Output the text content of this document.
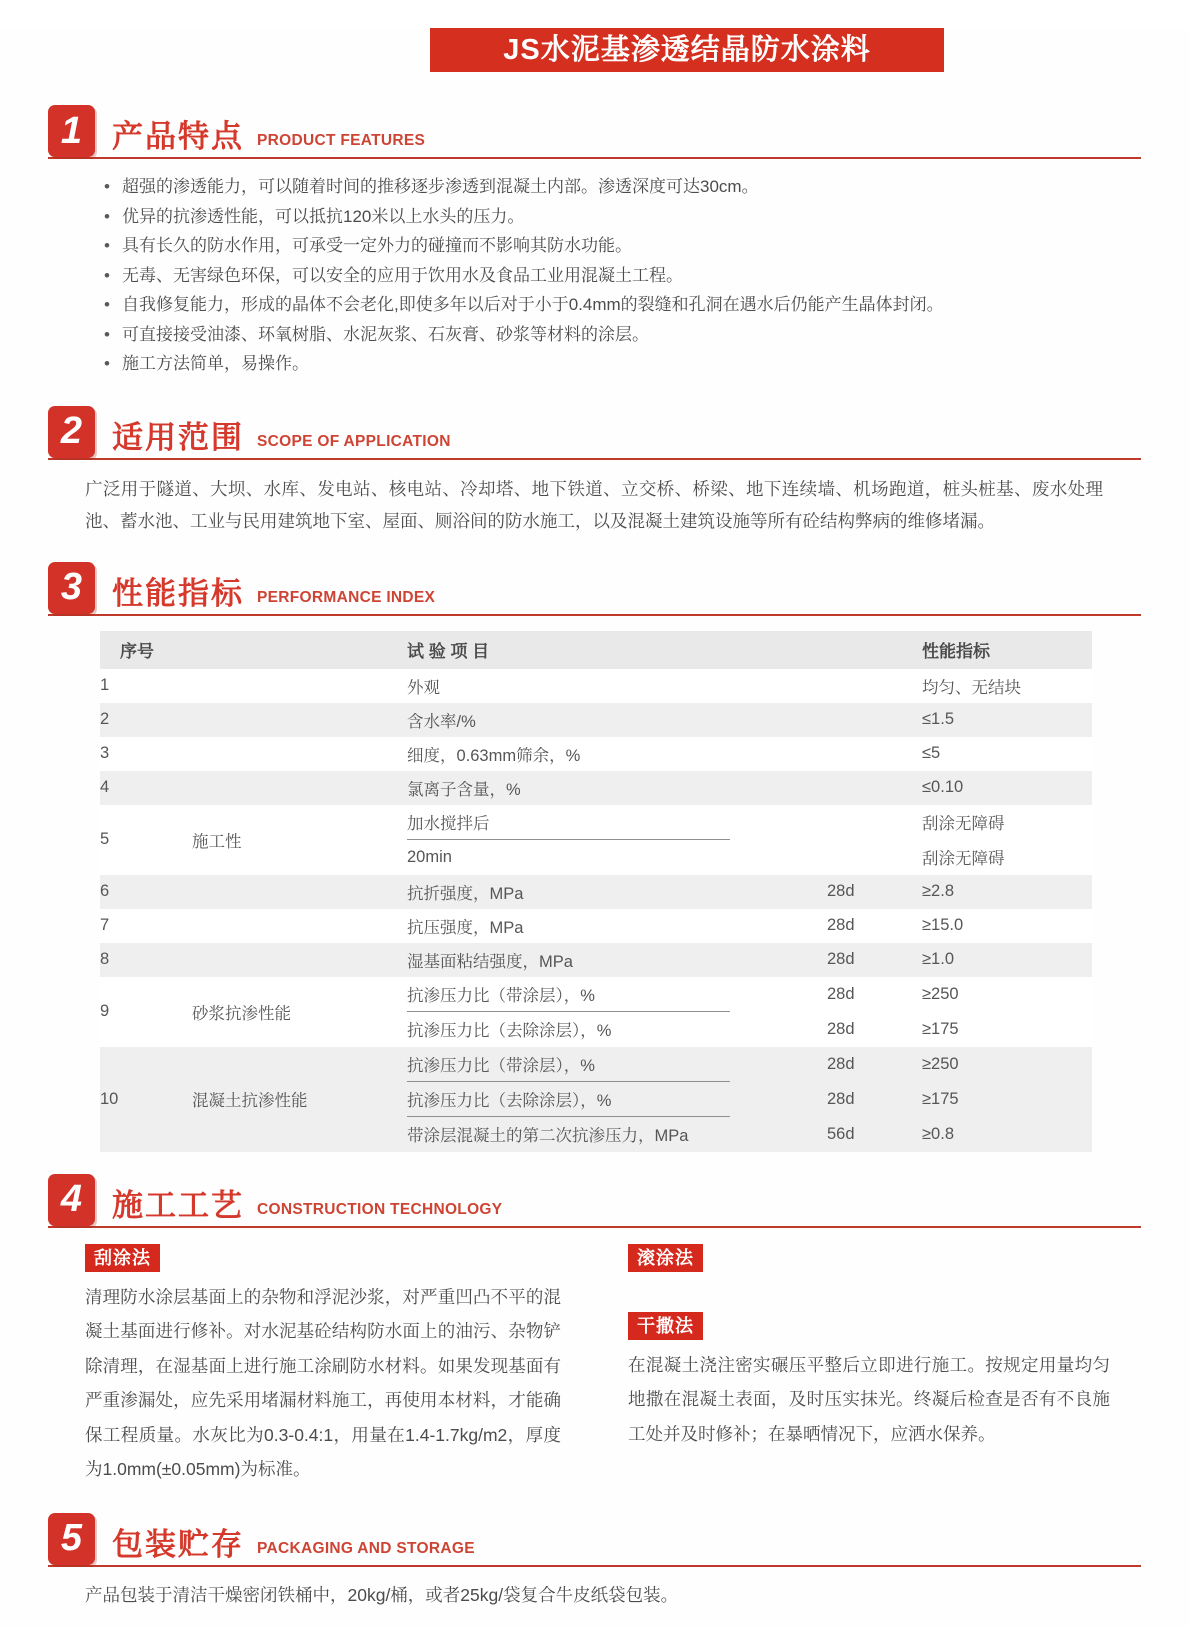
JS水泥基渗透结晶防水涂料
1 产品特点 PRODUCT FEATURES
• 超强的渗透能力，可以随着时间的推移逐步渗透到混凝土内部。渗透深度可达30cm。
• 优异的抗渗透性能，可以抵抗120米以上水头的压力。
• 具有长久的防水作用，可承受一定外力的碰撞而不影响其防水功能。
• 无毒、无害绿色环保，可以安全的应用于饮用水及食品工业用混凝土工程。
• 自我修复能力，形成的晶体不会老化,即使多年以后对于小于0.4mm的裂缝和孔洞在遇水后仍能产生晶体封闭。
• 可直接接受油漆、环氧树脂、水泥灰浆、石灰膏、砂浆等材料的涂层。
• 施工方法简单，易操作。
2 适用范围 SCOPE OF APPLICATION

广泛用于隧道、大坝、水库、发电站、核电站、冷却塔、地下铁道、立交桥、桥梁、地下连续墙、机场跑道，桩头桩基、废水处理池、蓄水池、工业与民用建筑地下室、屋面、厕浴间的防水施工，以及混凝土建筑设施等所有砼结构弊病的维修堵漏。

3 性能指标 PERFORMANCE INDEX
序号		试 验 项 目		性能指标
1		外观		均匀、无结块
2		含水率/%		≤1.5
3		细度，0.63mm筛余，%		≤5
4		氯离子含量，%		≤0.10
5	施工性	加水搅拌后		刮涂无障碍
		20min		刮涂无障碍
6		抗折强度，MPa	28d	≥2.8
7		抗压强度，MPa	28d	≥15.0
8		湿基面粘结强度，MPa	28d	≥1.0
9	砂浆抗渗性能	抗渗压力比（带涂层），%	28d	≥250
		抗渗压力比（去除涂层），%	28d	≥175
10	混凝土抗渗性能	抗渗压力比（带涂层），%	28d	≥250
		抗渗压力比（去除涂层），%	28d	≥175
		带涂层混凝土的第二次抗渗压力，MPa	56d	≥0.8
4 施工工艺 CONSTRUCTION TECHNOLOGY
刮涂法

清理防水涂层基面上的杂物和浮泥沙浆，对严重凹凸不平的混凝土基面进行修补。对水泥基砼结构防水面上的油污、杂物铲除清理，在湿基面上进行施工涂刷防水材料。如果发现基面有严重渗漏处，应先采用堵漏材料施工，再使用本材料，才能确保工程质量。水灰比为0.3-0.4:1，用量在1.4-1.7kg/m2，厚度为1.0mm(±0.05mm)为标准。

滚涂法
干撒法

在混凝土浇注密实碾压平整后立即进行施工。按规定用量均匀地撒在混凝土表面，及时压实抹光。终凝后检查是否有不良施工处并及时修补；在暴晒情况下，应洒水保养。

5 包装贮存 PACKAGING AND STORAGE

产品包装于清洁干燥密闭铁桶中，20kg/桶，或者25kg/袋复合牛皮纸袋包装。
